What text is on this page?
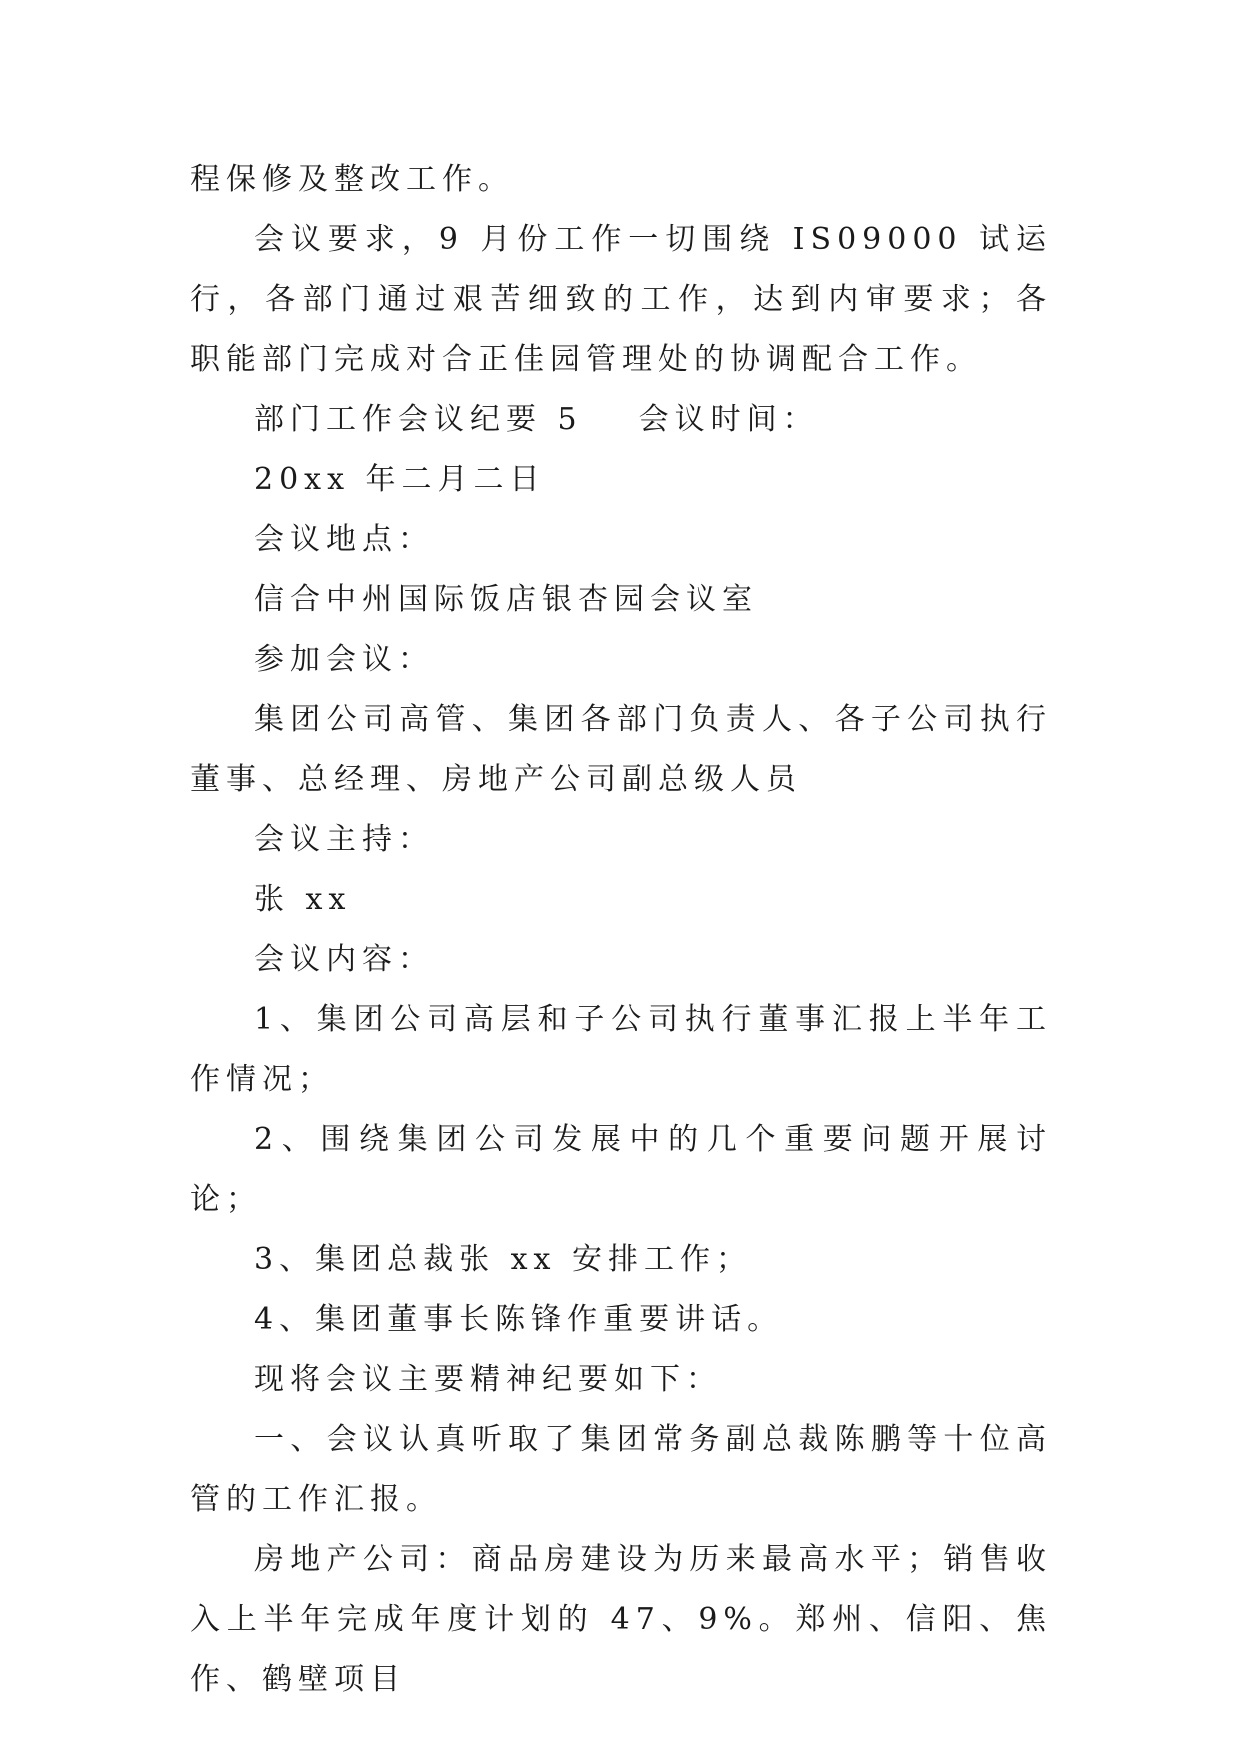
程保修及整改工作。

会议要求，9 月份工作一切围绕 IS09000 试运行，各部门通过艰苦细致的工作，达到内审要求；各职能部门完成对合正佳园管理处的协调配合工作。

部门工作会议纪要 5 会议时间：

20xx 年二月二日

会议地点：

信合中州国际饭店银杏园会议室

参加会议：

集团公司高管、集团各部门负责人、各子公司执行董事、总经理、房地产公司副总级人员

会议主持：

张 xx

会议内容：

1、集团公司高层和子公司执行董事汇报上半年工作情况；

2、围绕集团公司发展中的几个重要问题开展讨论；

3、集团总裁张 xx 安排工作；

4、集团董事长陈锋作重要讲话。

现将会议主要精神纪要如下：

一、会议认真听取了集团常务副总裁陈鹏等十位高管的工作汇报。

房地产公司：商品房建设为历来最高水平；销售收入上半年完成年度计划的 47、9%。郑州、信阳、焦作、鹤壁项目
